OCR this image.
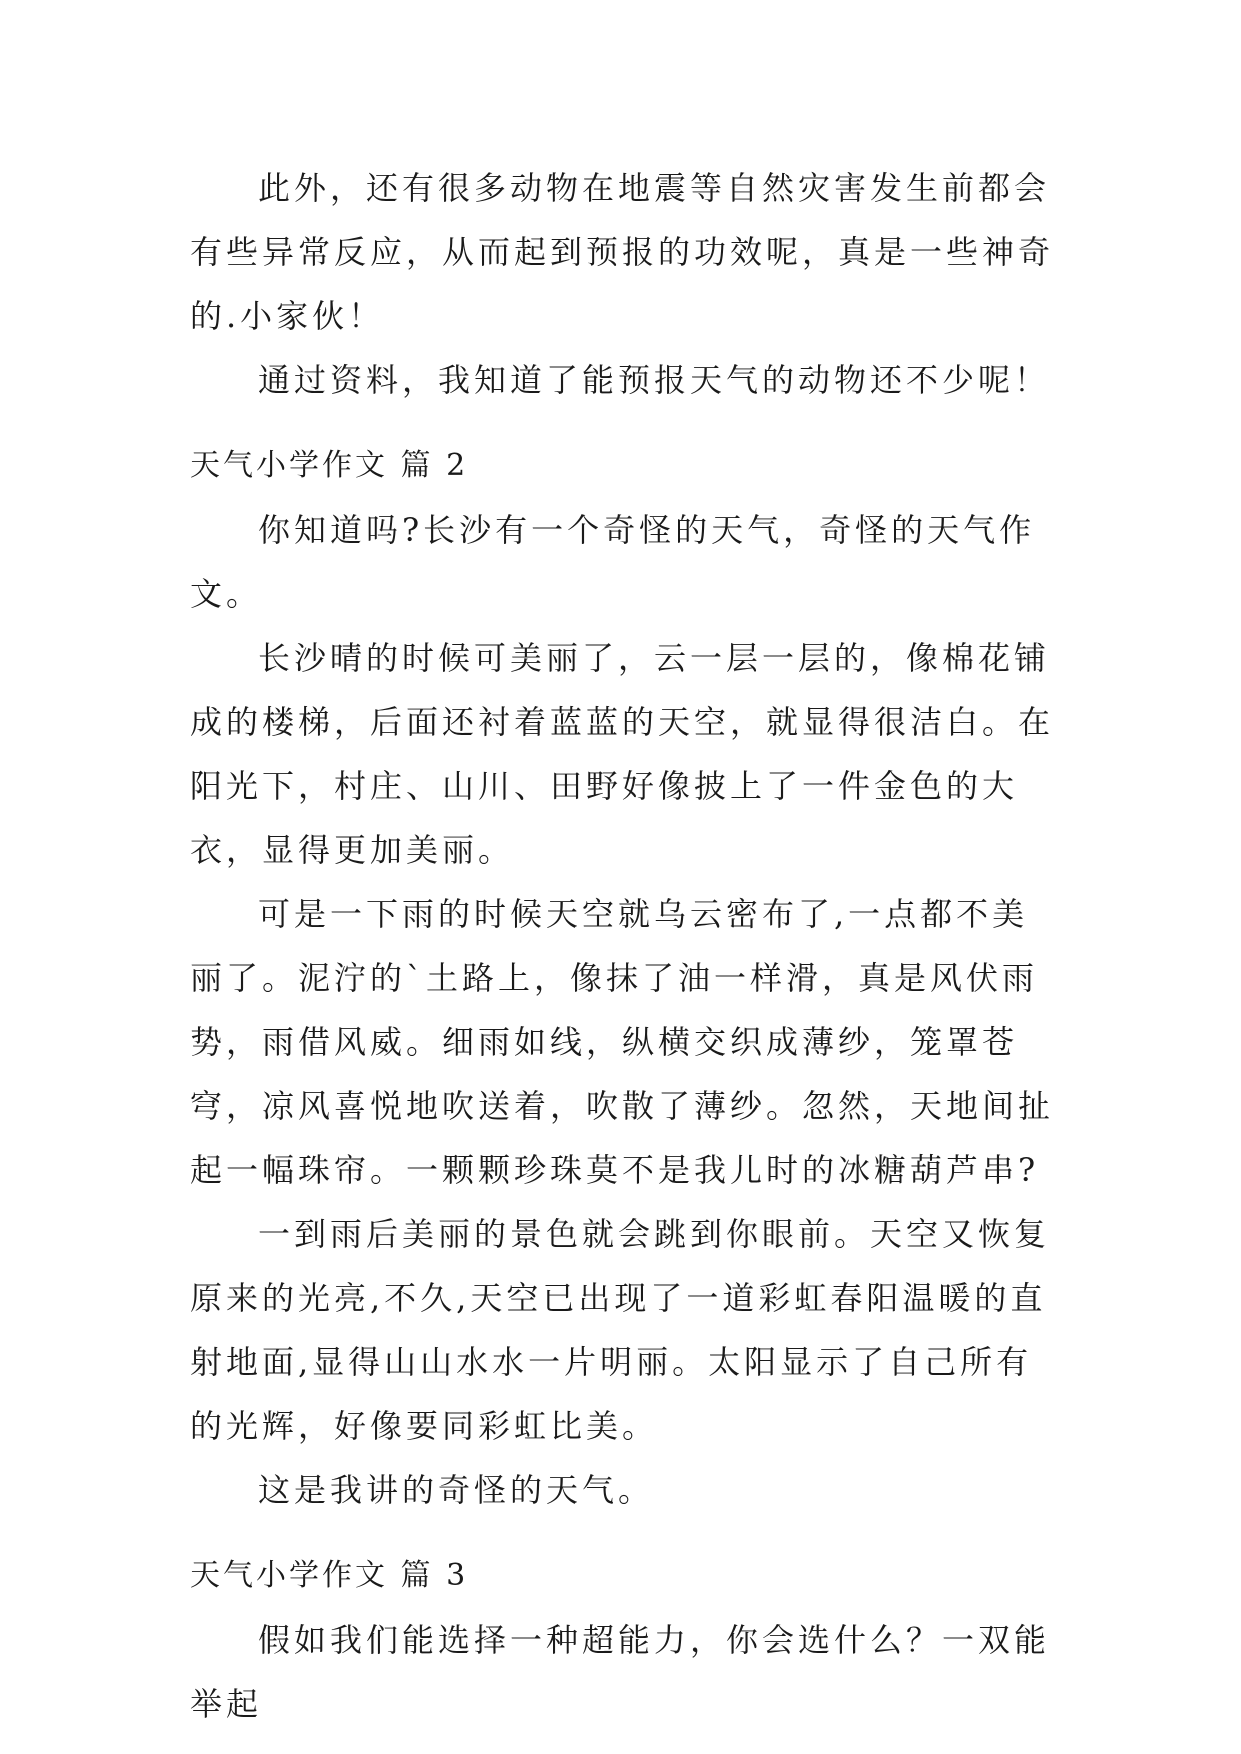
此外，还有很多动物在地震等自然灾害发生前都会有些异常反应，从而起到预报的功效呢，真是一些神奇的.小家伙！

通过资料，我知道了能预报天气的动物还不少呢！

天气小学作文 篇 2

你知道吗?长沙有一个奇怪的天气，奇怪的天气作文。

长沙晴的时候可美丽了，云一层一层的，像棉花铺成的楼梯，后面还衬着蓝蓝的天空，就显得很洁白。在阳光下，村庄、山川、田野好像披上了一件金色的大衣，显得更加美丽。

可是一下雨的时候天空就乌云密布了,一点都不美丽了。泥泞的`土路上，像抹了油一样滑，真是风伏雨势，雨借风威。细雨如线，纵横交织成薄纱，笼罩苍穹，凉风喜悦地吹送着，吹散了薄纱。忽然，天地间扯起一幅珠帘。一颗颗珍珠莫不是我儿时的冰糖葫芦串?

一到雨后美丽的景色就会跳到你眼前。天空又恢复原来的光亮,不久,天空已出现了一道彩虹春阳温暖的直射地面,显得山山水水一片明丽。太阳显示了自己所有的光辉，好像要同彩虹比美。

这是我讲的奇怪的天气。

天气小学作文 篇 3

假如我们能选择一种超能力，你会选什么？一双能举起
